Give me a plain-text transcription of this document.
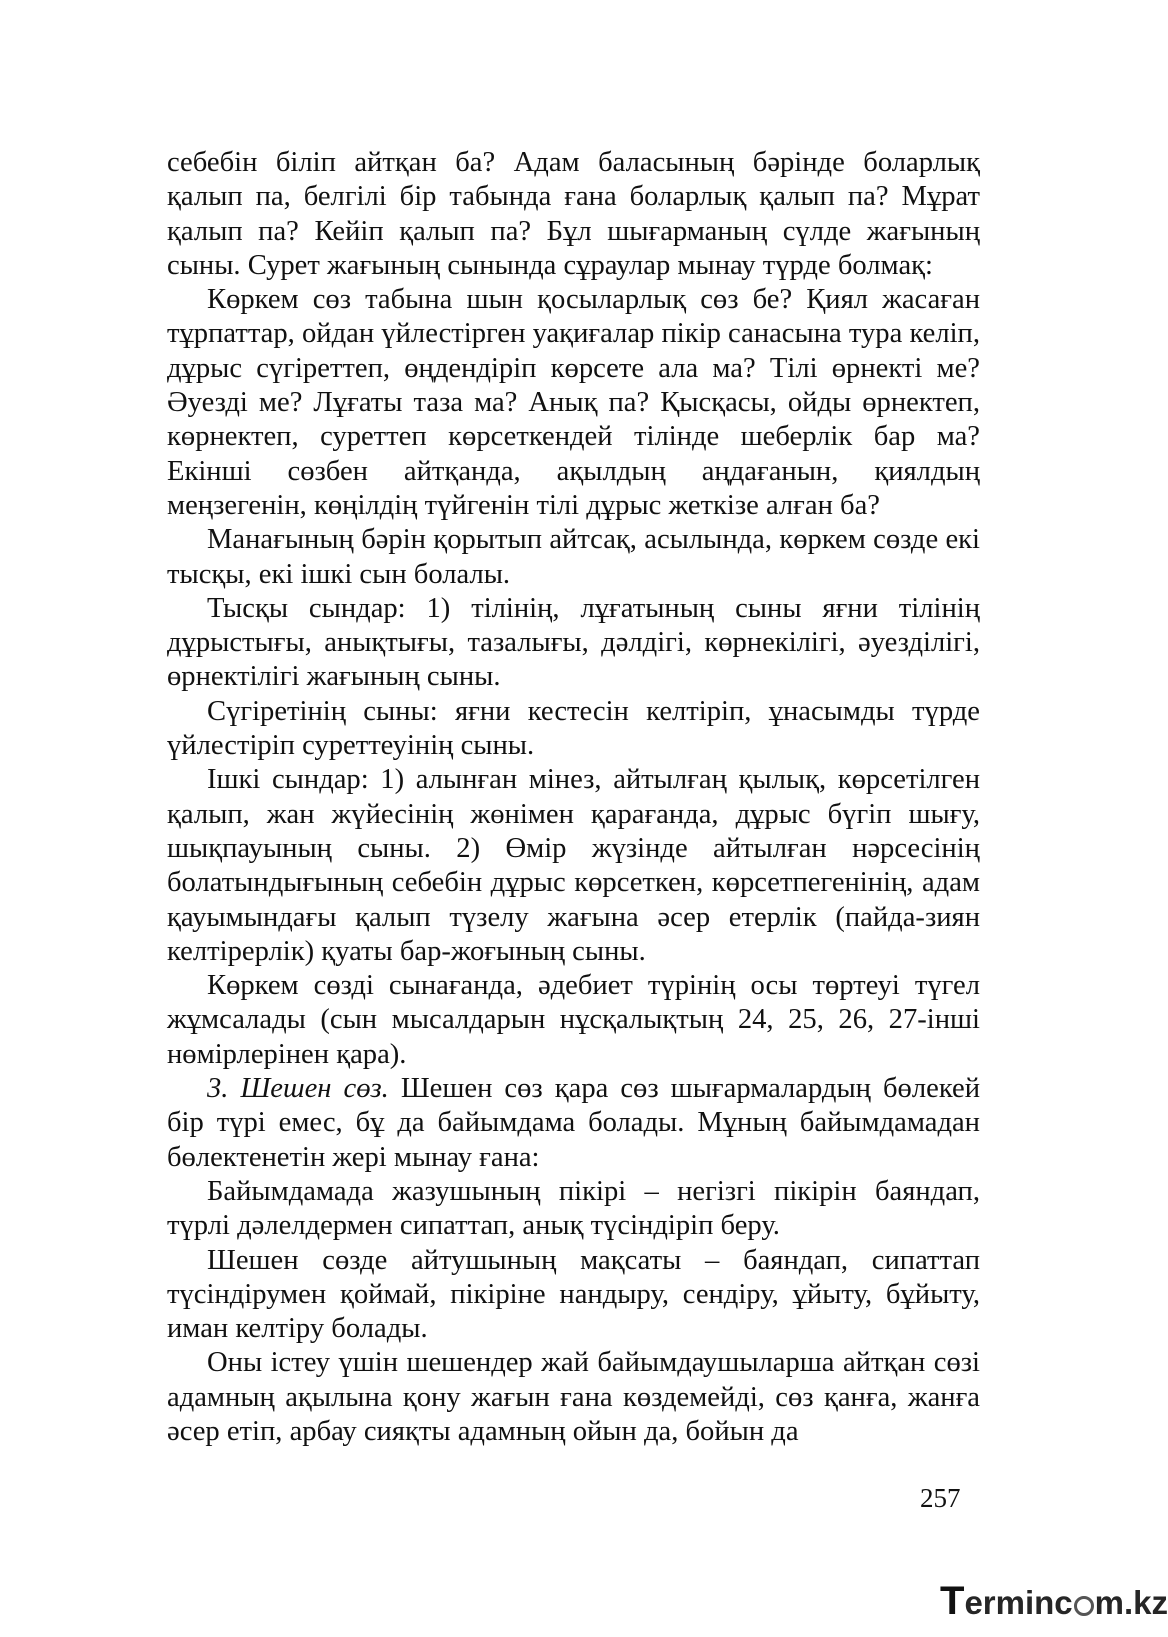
себебін біліп айтқан ба? Адам баласының бәрінде боларлық қалып па, белгілі бір табында ғана боларлық қалып па? Мұрат қалып па? Кейіп қалып па? Бұл шығарманың сүлде жағының сыны. Сурет жағының сынында сұраулар мынау түрде болмақ:

Көркем сөз табына шын қосыларлық сөз бе? Қиял жасаған тұрпаттар, ойдан үйлестірген уақиғалар пікір санасына тура келіп, дұрыс сүгіреттеп, өңдендіріп көрсете ала ма? Тілі өрнекті ме? Әуезді ме? Лұғаты таза ма? Анық па? Қысқасы, ойды өрнектеп, көрнектеп, суреттеп көрсеткендей тілінде шеберлік бар ма? Екінші сөзбен айтқанда, ақылдың аңдағанын, қиялдың меңзегенін, көңілдің түйгенін тілі дұрыс жеткізе алған ба?

Манағының бәрін қорытып айтсақ, асылында, көркем сөзде екі тысқы, екі ішкі сын болалы.

Тысқы сындар: 1) тілінің, лұғатының сыны яғни тілінің дұрыстығы, анықтығы, тазалығы, дәлдігі, көрнекілігі, әуезділігі, өрнектілігі жағының сыны.

Сүгіретінің сыны: яғни кестесін келтіріп, ұнасымды түрде үйлестіріп суреттеуінің сыны.

Ішкі сындар: 1) алынған мінез, айтылғаң қылық, көрсетілген қалып, жан жүйесінің жөнімен қарағанда, дұрыс бүгіп шығу, шықпауының сыны. 2) Өмір жүзінде айтылған нәрсесінің болатындығының себебін дұрыс көрсеткен, көрсетпегенінің, адам қауымындағы қалып түзелу жағына әсер етерлік (пайда-зиян келтірерлік) қуаты бар-жоғының сыны.

Көркем сөзді сынағанда, әдебиет түрінің осы төртеуі түгел жұмсалады (сын мысалдарын нұсқалықтың 24, 25, 26, 27-інші нөмірлерінен қара).

3. Шешен сөз. Шешен сөз қара сөз шығармалардың бөлекей бір түрі емес, бұ да байымдама болады. Мұның байымдамадан бөлектенетін жері мынау ғана:

Байымдамада жазушының пікірі – негізгі пікірін баяндап, түрлі дәлелдермен сипаттап, анық түсіндіріп беру.

Шешен сөзде айтушының мақсаты – баяндап, сипаттап түсіндірумен қоймай, пікіріне нандыру, сендіру, ұйыту, бұйыту, иман келтіру болады.

Оны істеу үшін шешендер жай байымдаушыларша айтқан сөзі адамның ақылына қону жағын ғана көздемейді, сөз қанға, жанға әсер етіп, арбау сияқты адамның ойын да, бойын да

257
T erminc m.kz
